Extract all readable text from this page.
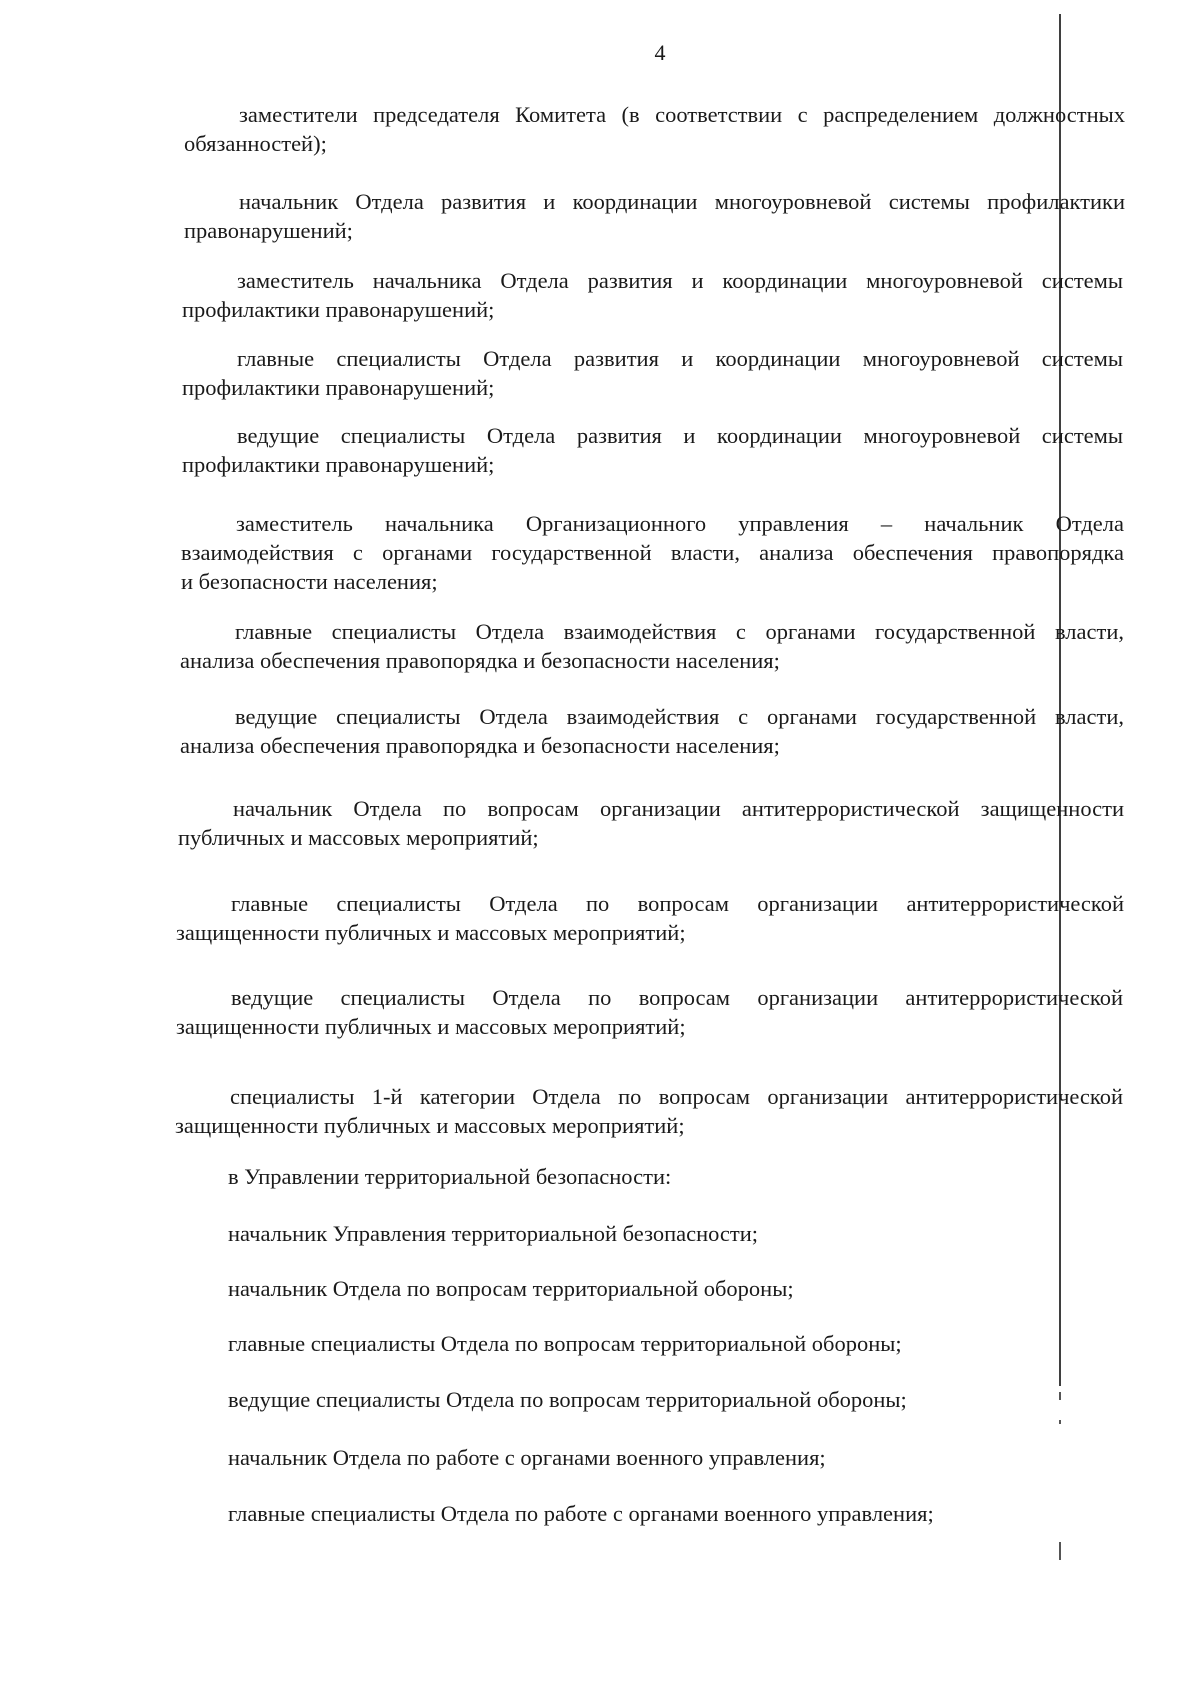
4
заместители председателя Комитета (в соответствии с распределением должностных
обязанностей);
начальник Отдела развития и координации многоуровневой системы профилактики
правонарушений;
заместитель начальника Отдела развития и координации многоуровневой системы
профилактики правонарушений;
главные специалисты Отдела развития и координации многоуровневой системы
профилактики правонарушений;
ведущие специалисты Отдела развития и координации многоуровневой системы
профилактики правонарушений;
заместитель начальника Организационного управления – начальник Отдела
взаимодействия с органами государственной власти, анализа обеспечения правопорядка
и безопасности населения;
главные специалисты Отдела взаимодействия с органами государственной власти,
анализа обеспечения правопорядка и безопасности населения;
ведущие специалисты Отдела взаимодействия с органами государственной власти,
анализа обеспечения правопорядка и безопасности населения;
начальник Отдела по вопросам организации антитеррористической защищенности
публичных и массовых мероприятий;
главные специалисты Отдела по вопросам организации антитеррористической
защищенности публичных и массовых мероприятий;
ведущие специалисты Отдела по вопросам организации антитеррористической
защищенности публичных и массовых мероприятий;
специалисты 1-й категории Отдела по вопросам организации антитеррористической
защищенности публичных и массовых мероприятий;
в Управлении территориальной безопасности:
начальник Управления территориальной безопасности;
начальник Отдела по вопросам территориальной обороны;
главные специалисты Отдела по вопросам территориальной обороны;
ведущие специалисты Отдела по вопросам территориальной обороны;
начальник Отдела по работе с органами военного управления;
главные специалисты Отдела по работе с органами военного управления;
